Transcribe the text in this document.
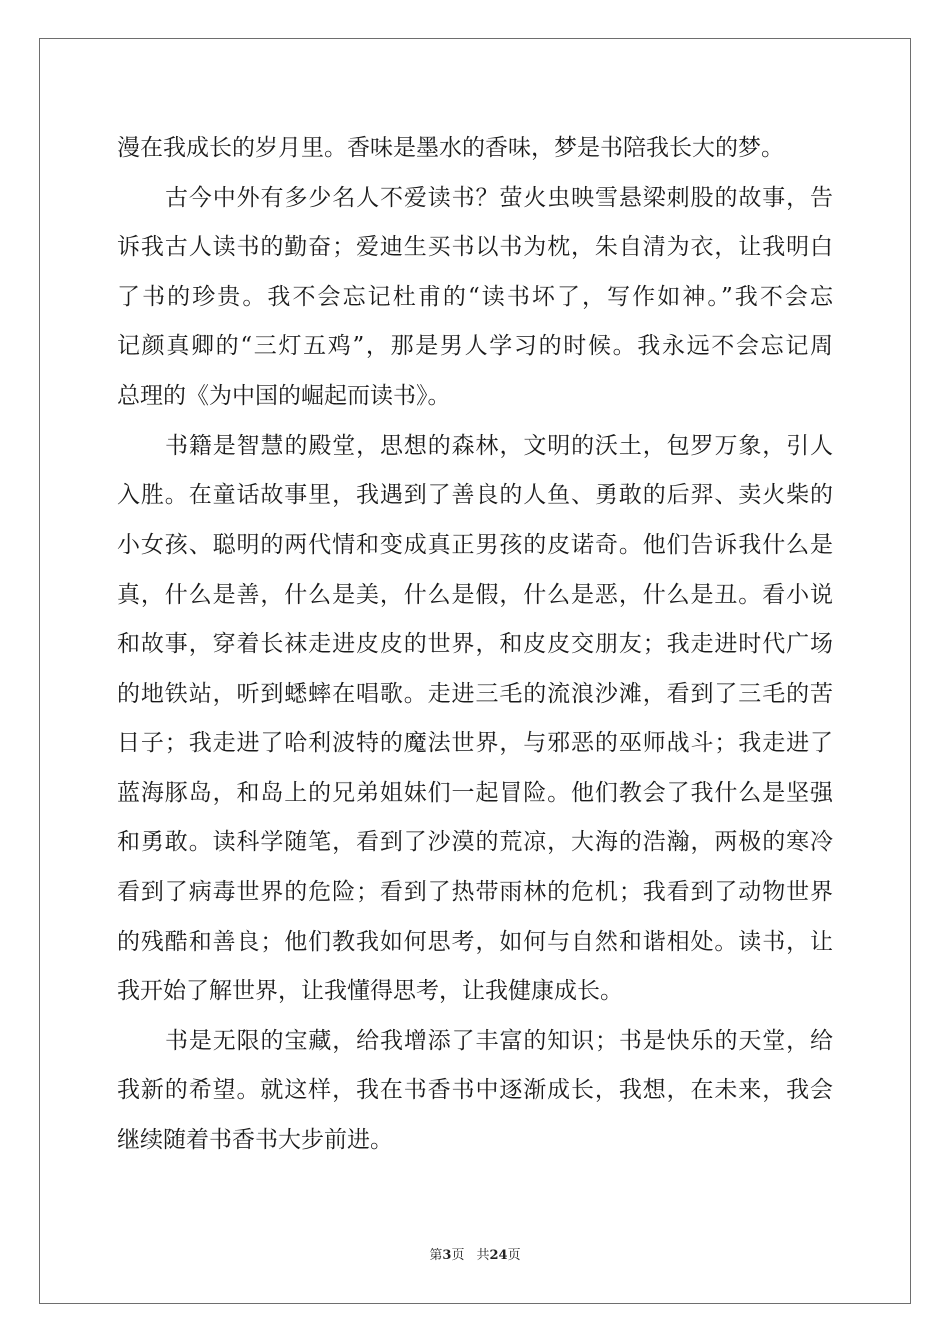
漫在我成长的岁月里。香味是墨水的香味，梦是书陪我长大的梦。
古今中外有多少名人不爱读书？萤火虫映雪悬梁刺股的故事，告
诉我古人读书的勤奋；爱迪生买书以书为枕，朱自清为衣，让我明白
了书的珍贵。我不会忘记杜甫的“读书坏了，写作如神。”我不会忘
记颜真卿的“三灯五鸡”，那是男人学习的时候。我永远不会忘记周
总理的《为中国的崛起而读书》。
书籍是智慧的殿堂，思想的森林，文明的沃土，包罗万象，引人
入胜。在童话故事里，我遇到了善良的人鱼、勇敢的后羿、卖火柴的
小女孩、聪明的两代情和变成真正男孩的皮诺奇。他们告诉我什么是
真，什么是善，什么是美，什么是假，什么是恶，什么是丑。看小说
和故事，穿着长袜走进皮皮的世界，和皮皮交朋友；我走进时代广场
的地铁站，听到蟋蟀在唱歌。走进三毛的流浪沙滩，看到了三毛的苦
日子；我走进了哈利波特的魔法世界，与邪恶的巫师战斗；我走进了
蓝海豚岛，和岛上的兄弟姐妹们一起冒险。他们教会了我什么是坚强
和勇敢。读科学随笔，看到了沙漠的荒凉，大海的浩瀚，两极的寒冷
看到了病毒世界的危险；看到了热带雨林的危机；我看到了动物世界
的残酷和善良；他们教我如何思考，如何与自然和谐相处。读书，让
我开始了解世界，让我懂得思考，让我健康成长。
书是无限的宝藏，给我增添了丰富的知识；书是快乐的天堂，给
我新的希望。就这样，我在书香书中逐渐成长，我想，在未来，我会
继续随着书香书大步前进。
第3页 共24页
